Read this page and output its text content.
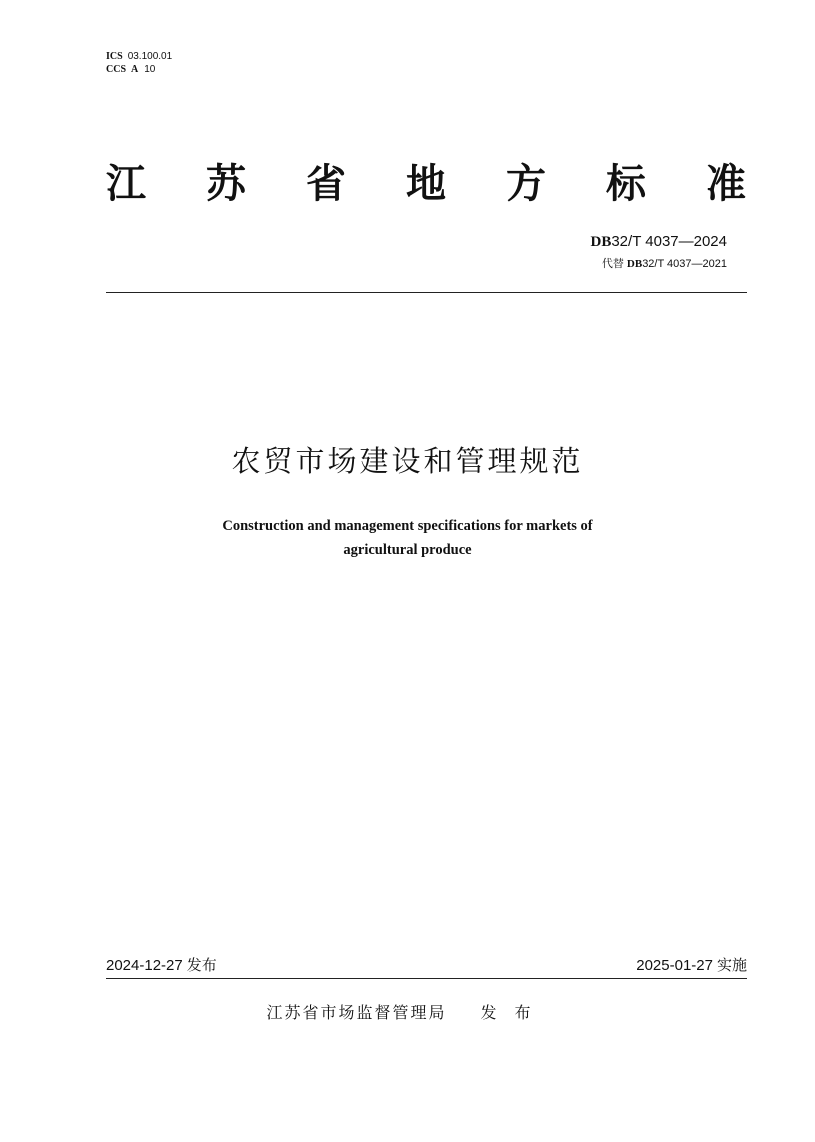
ICS 03.100.01
CCS A 10
江 苏 省 地 方 标 准
DB32/T 4037—2024
代替 DB32/T 4037—2021
农贸市场建设和管理规范
Construction and management specifications for markets of
agricultural produce
2024-12-27 发布	2025-01-27 实施
江苏省市场监督管理局 发布
